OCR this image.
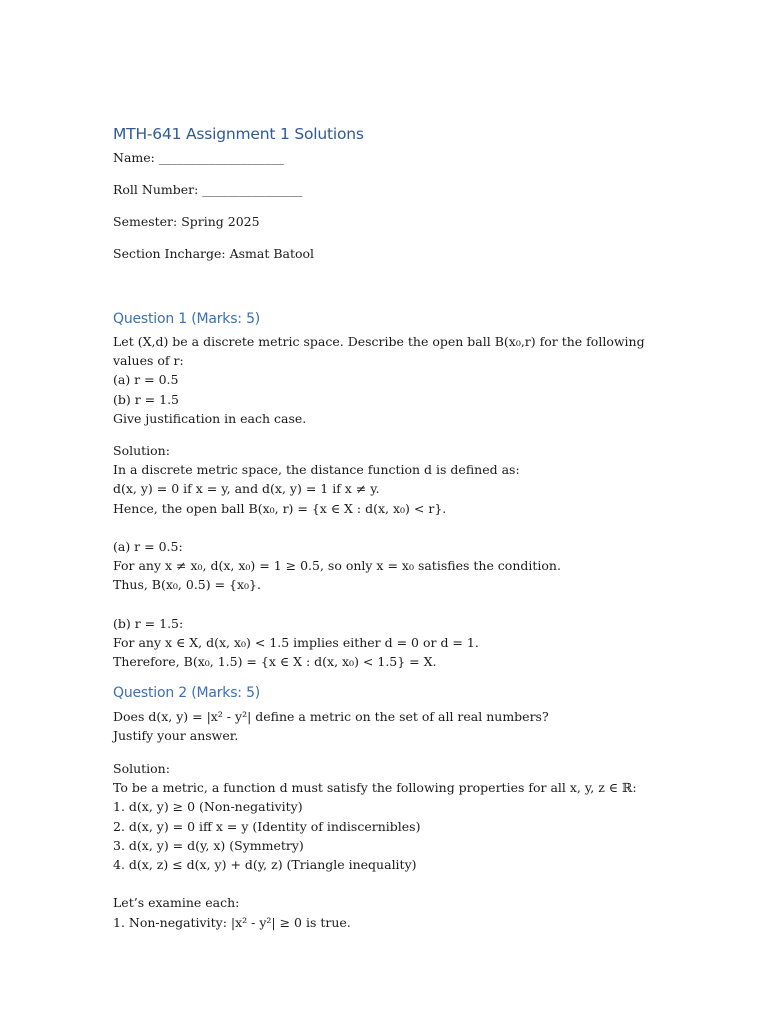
MTH-641 Assignment 1 Solutions

Name: ____________________

Roll Number: ________________

Semester: Spring 2025

Section Incharge: Asmat Batool

Question 1 (Marks: 5)
Let (X,d) be a discrete metric space. Describe the open ball B(x₀,r) for the following values of r:
(a) r = 0.5
(b) r = 1.5
Give justification in each case.
Solution:
In a discrete metric space, the distance function d is defined as:
d(x, y) = 0 if x = y, and d(x, y) = 1 if x ≠ y.
Hence, the open ball B(x₀, r) = {x ∈ X : d(x, x₀) < r}.
(a) r = 0.5:
For any x ≠ x₀, d(x, x₀) = 1 ≥ 0.5, so only x = x₀ satisfies the condition.
Thus, B(x₀, 0.5) = {x₀}.
(b) r = 1.5:
For any x ∈ X, d(x, x₀) < 1.5 implies either d = 0 or d = 1.
Therefore, B(x₀, 1.5) = {x ∈ X : d(x, x₀) < 1.5} = X.
Question 2 (Marks: 5)
Does d(x, y) = |x² - y²| define a metric on the set of all real numbers?
Justify your answer.
Solution:
To be a metric, a function d must satisfy the following properties for all x, y, z ∈ ℝ:
1. d(x, y) ≥ 0 (Non-negativity)
2. d(x, y) = 0 iff x = y (Identity of indiscernibles)
3. d(x, y) = d(y, x) (Symmetry)
4. d(x, z) ≤ d(x, y) + d(y, z) (Triangle inequality)
Let’s examine each:
1. Non-negativity: |x² - y²| ≥ 0 is true.
